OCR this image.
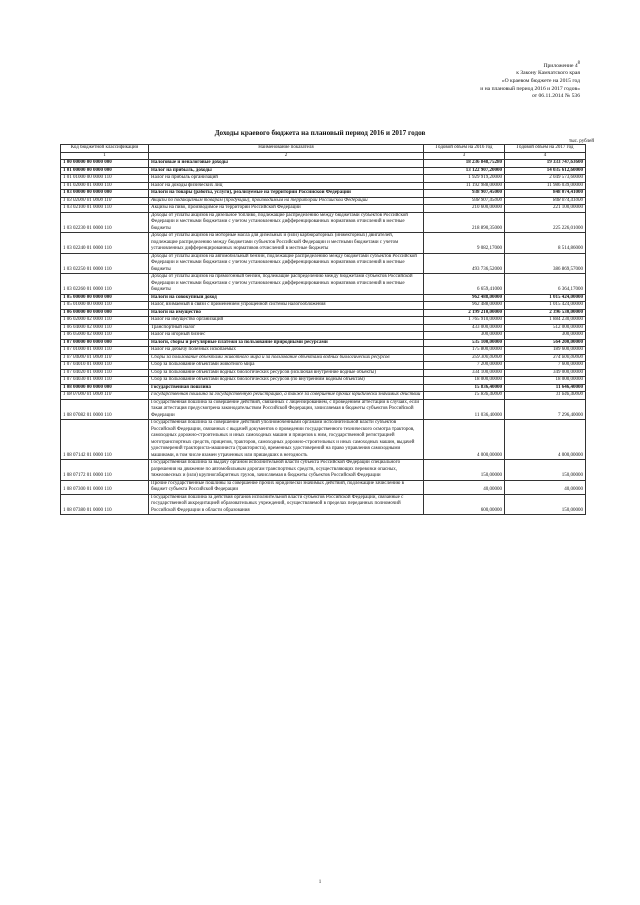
Приложение $4^8$
к Закону Камчатского края
«О краевом бюджете на 2015 год
и на плановый период 2016 и 2017 годов»
от 06.11.2014 № 536
Доходы краевого бюджета на плановый период 2016 и 2017 годов
тыс. рублей
Код бюджетной классификации	Наименование показателя	Годовой объем на 2016 год	Годовой объем на 2017 год
1	2	3	4
1 00 00000 00 0000 000	Налоговые и неналоговые доходы	18 236 848,75280	19 333 747,63600
1 01 00000 00 0000 000	Налог на прибыль, доходы	13 122 907,20000	14 035 612,60000
1 01 01000 00 0000 110	Налог на прибыль организаций	1 929 919,20000	2 049 573,60000
1 01 02000 01 0000 110	Налог на доходы физических лиц	11 192 988,00000	11 986 039,00000
1 03 00000 00 0000 000	Налоги на товары (работы, услуги), реализуемые на территории Российской Федерации	938 907,45000	848 074,41000
1 03 02000 01 0000 110	Акцизы по подакцизным товарам (продукции), производимым на территории Российской Федерации	938 907,45000	848 074,41000
1 03 02100 01 0000 110	Акцизы на пиво, производимое на территории Российской Федерации	210 600,00000	221 100,00000
1 03 02230 01 0000 110	Доходы от уплаты акцизов на дизельное топливо, подлежащие распределению между бюджетами субъектов Российской Федерации и местными бюджетами с учетом установленных дифференцированных нормативов отчислений в местные бюджеты	218 890,35000	225 226,01000
1 03 02240 01 0000 110	Доходы от уплаты акцизов на моторные масла для дизельных и (или) карбюраторных (инжекторных) двигателей, подлежащие распределению между бюджетами субъектов Российской Федерации и местными бюджетами с учетом установленных дифференцированных нормативов отчислений в местные бюджеты	9 082,17000	8 514,86000
1 03 02250 01 0000 110	Доходы от уплаты акцизов на автомобильный бензин, подлежащие распределению между бюджетами субъектов Российской Федерации и местными бюджетами с учетом установленных дифференцированных нормативов отчислений в местные бюджеты	493 736,52000	386 869,57000
1 03 02260 01 0000 110	Доходы от уплаты акцизов на прямогонный бензин, подлежащие распределению между бюджетами субъектов Российской Федерации и местными бюджетами с учетом установленных дифференцированных нормативов отчислений в местные бюджеты	6 659,41000	6 364,17000
1 05 00000 00 0000 000	Налоги на совокупный доход	962 488,00000	1 015 424,00000
1 05 01000 00 0000 110	Налог, взимаемый в связи с применением упрощенной системы налогообложения	962 488,00000	1 015 424,00000
1 06 00000 00 0000 000	Налоги на имущество	2 199 210,00000	2 396 530,00000
1 06 02000 02 0000 110	Налог на имущество организаций	1 765 910,00000	1 884 230,00000
1 06 04000 02 0000 110	Транспортный налог	433 000,00000	512 000,00000
1 06 05000 02 0000 110	Налог на игорный бизнес	300,00000	300,00000
1 07 00000 00 0000 000	Налоги, сборы и регулярные платежи за пользование природными ресурсами	535 100,00000	564 200,00000
1 07 01000 01 0000 110	Налог на добычу полезных ископаемых	175 800,00000	189 600,00000
1 07 04000 01 0000 110	Сборы за пользование объектами животного мира и за пользование объектами водных биологических ресурсов	359 300,00000	374 600,00000
1 07 04010 01 0000 110	Сбор за пользование объектами животного мира	7 200,00000	7 600,00000
1 07 04020 01 0000 110	Сбор за пользование объектами водных биологических ресурсов (исключая внутренние водные объекты)	334 100,00000	349 000,00000
1 07 04030 01 0000 110	Сбор за пользование объектами водных биологических ресурсов (по внутренним водным объектам)	18 000,00000	18 000,00000
1 08 00000 00 0000 000	Государственная пошлина	15 836,40000	11 646,40000
1 08 07000 01 0000 110	Государственная пошлина за государственную регистрацию, а также за совершение прочих юридически значимых действий	15 836,40000	11 646,40000
1 08 07082 01 0000 110	Государственная пошлина за совершение действий, связанных с лицензированием, с проведением аттестации в случаях, если такая аттестация предусмотрена законодательством Российской Федерации, зачисляемая в бюджеты субъектов Российской Федерации	11 036,40000	7 296,40000
1 08 07142 01 0000 110	Государственная пошлина за совершение действий уполномоченными органами исполнительной власти субъектов Российской Федерации, связанных с выдачей документов о проведении государственного технического осмотра тракторов, самоходных дорожно-строительных и иных самоходных машин и прицепов к ним, государственной регистрацией мототранспортных средств, прицепов, тракторов, самоходных дорожно-строительных и иных самоходных машин, выдачей удостоверений тракториста-машиниста (тракториста), временных удостоверений на право управления самоходными машинами, в том числе взамен утраченных или пришедших в негодность	4 000,00000	4 000,00000
1 08 07172 01 0000 110	Государственная пошлина за выдачу органом исполнительной власти субъекта Российской Федерации специального разрешения на движение по автомобильным дорогам транспортных средств, осуществляющих перевозки опасных, тяжеловесных и (или) крупногабаритных грузов, зачисляемая в бюджеты субъектов Российской Федерации	150,00000	150,00000
1 08 07300 01 0000 110	Прочие государственные пошлины за совершение прочих юридически значимых действий, подлежащие зачислению в бюджет субъекта Российской Федерации	40,00000	40,00000
1 08 07380 01 0000 110	Государственная пошлина за действия органов исполнительной власти субъектов Российской Федерации, связанные с государственной аккредитацией образовательных учреждений, осуществляемой в пределах переданных полномочий Российской Федерации в области образования	600,00000	150,00000
1
